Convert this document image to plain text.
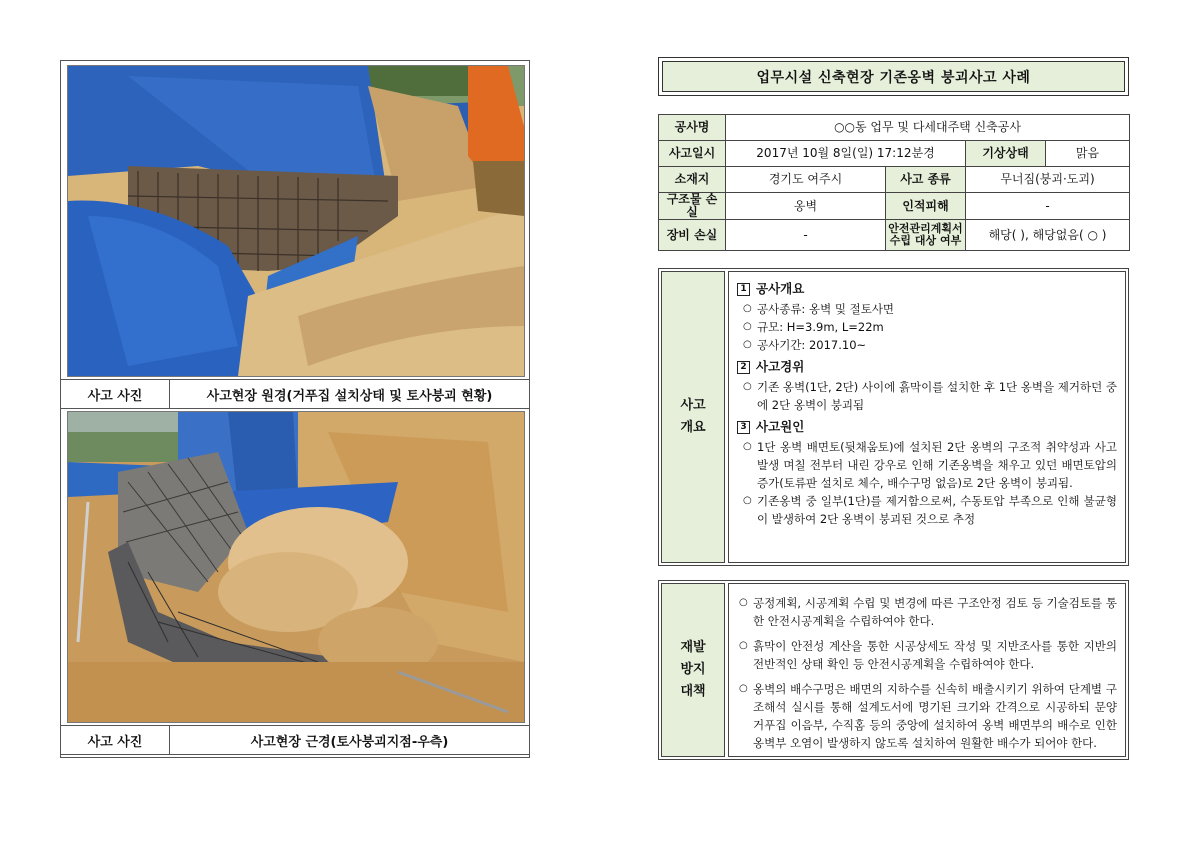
사고 사진	사고현장 원경(거푸집 설치상태 및 토사붕괴 현황)
사고 사진	사고현장 근경(토사붕괴지점-우측)
업무시설 신축현장 기존옹벽 붕괴사고 사례
공사명	○○동 업무 및 다세대주택 신축공사			
사고일시	2017년 10월 8일(일) 17:12분경		기상상태	맑음
소재지	경기도 여주시	사고 종류	무너짐(붕괴·도괴)	
구조물 손실	옹벽	인적피해	-	
장비 손실	-	안전관리계획서
수립 대상 여부	해당( ), 해당없음( ○ )	
사고
개요
1 공사개요
○ 공사종류: 옹벽 및 절토사면
○ 규모: H=3.9m, L=22m
○ 공사기간: 2017.10~
2 사고경위
○ 기존 옹벽(1단, 2단) 사이에 흙막이를 설치한 후 1단 옹벽을 제거하던 중에 2단 옹벽이 붕괴됨
3 사고원인
○ 1단 옹벽 배면토(뒷채움토)에 설치된 2단 옹벽의 구조적 취약성과 사고 발생 며칠 전부터 내린 강우로 인해 기존옹벽을 채우고 있던 배면토압의 증가(토류판 설치로 체수, 배수구멍 없음)로 2단 옹벽이 붕괴됨.
○ 기존옹벽 중 일부(1단)를 제거함으로써, 수동토압 부족으로 인해 불균형이 발생하여 2단 옹벽이 붕괴된 것으로 추정
재발
방지
대책
○ 공정계획, 시공계획 수립 및 변경에 따른 구조안정 검토 등 기술검토를 통한 안전시공계획을 수립하여야 한다.
○ 흙막이 안전성 계산을 통한 시공상세도 작성 및 지반조사를 통한 지반의 전반적인 상태 확인 등 안전시공계획을 수립하여야 한다.
○ 옹벽의 배수구멍은 배면의 지하수를 신속히 배출시키기 위하여 단계별 구조해석 실시를 통해 설계도서에 명기된 크기와 간격으로 시공하되 문양 거푸집 이음부, 수직홈 등의 중앙에 설치하여 옹벽 배면부의 배수로 인한 옹벽부 오염이 발생하지 않도록 설치하여 원활한 배수가 되어야 한다.
